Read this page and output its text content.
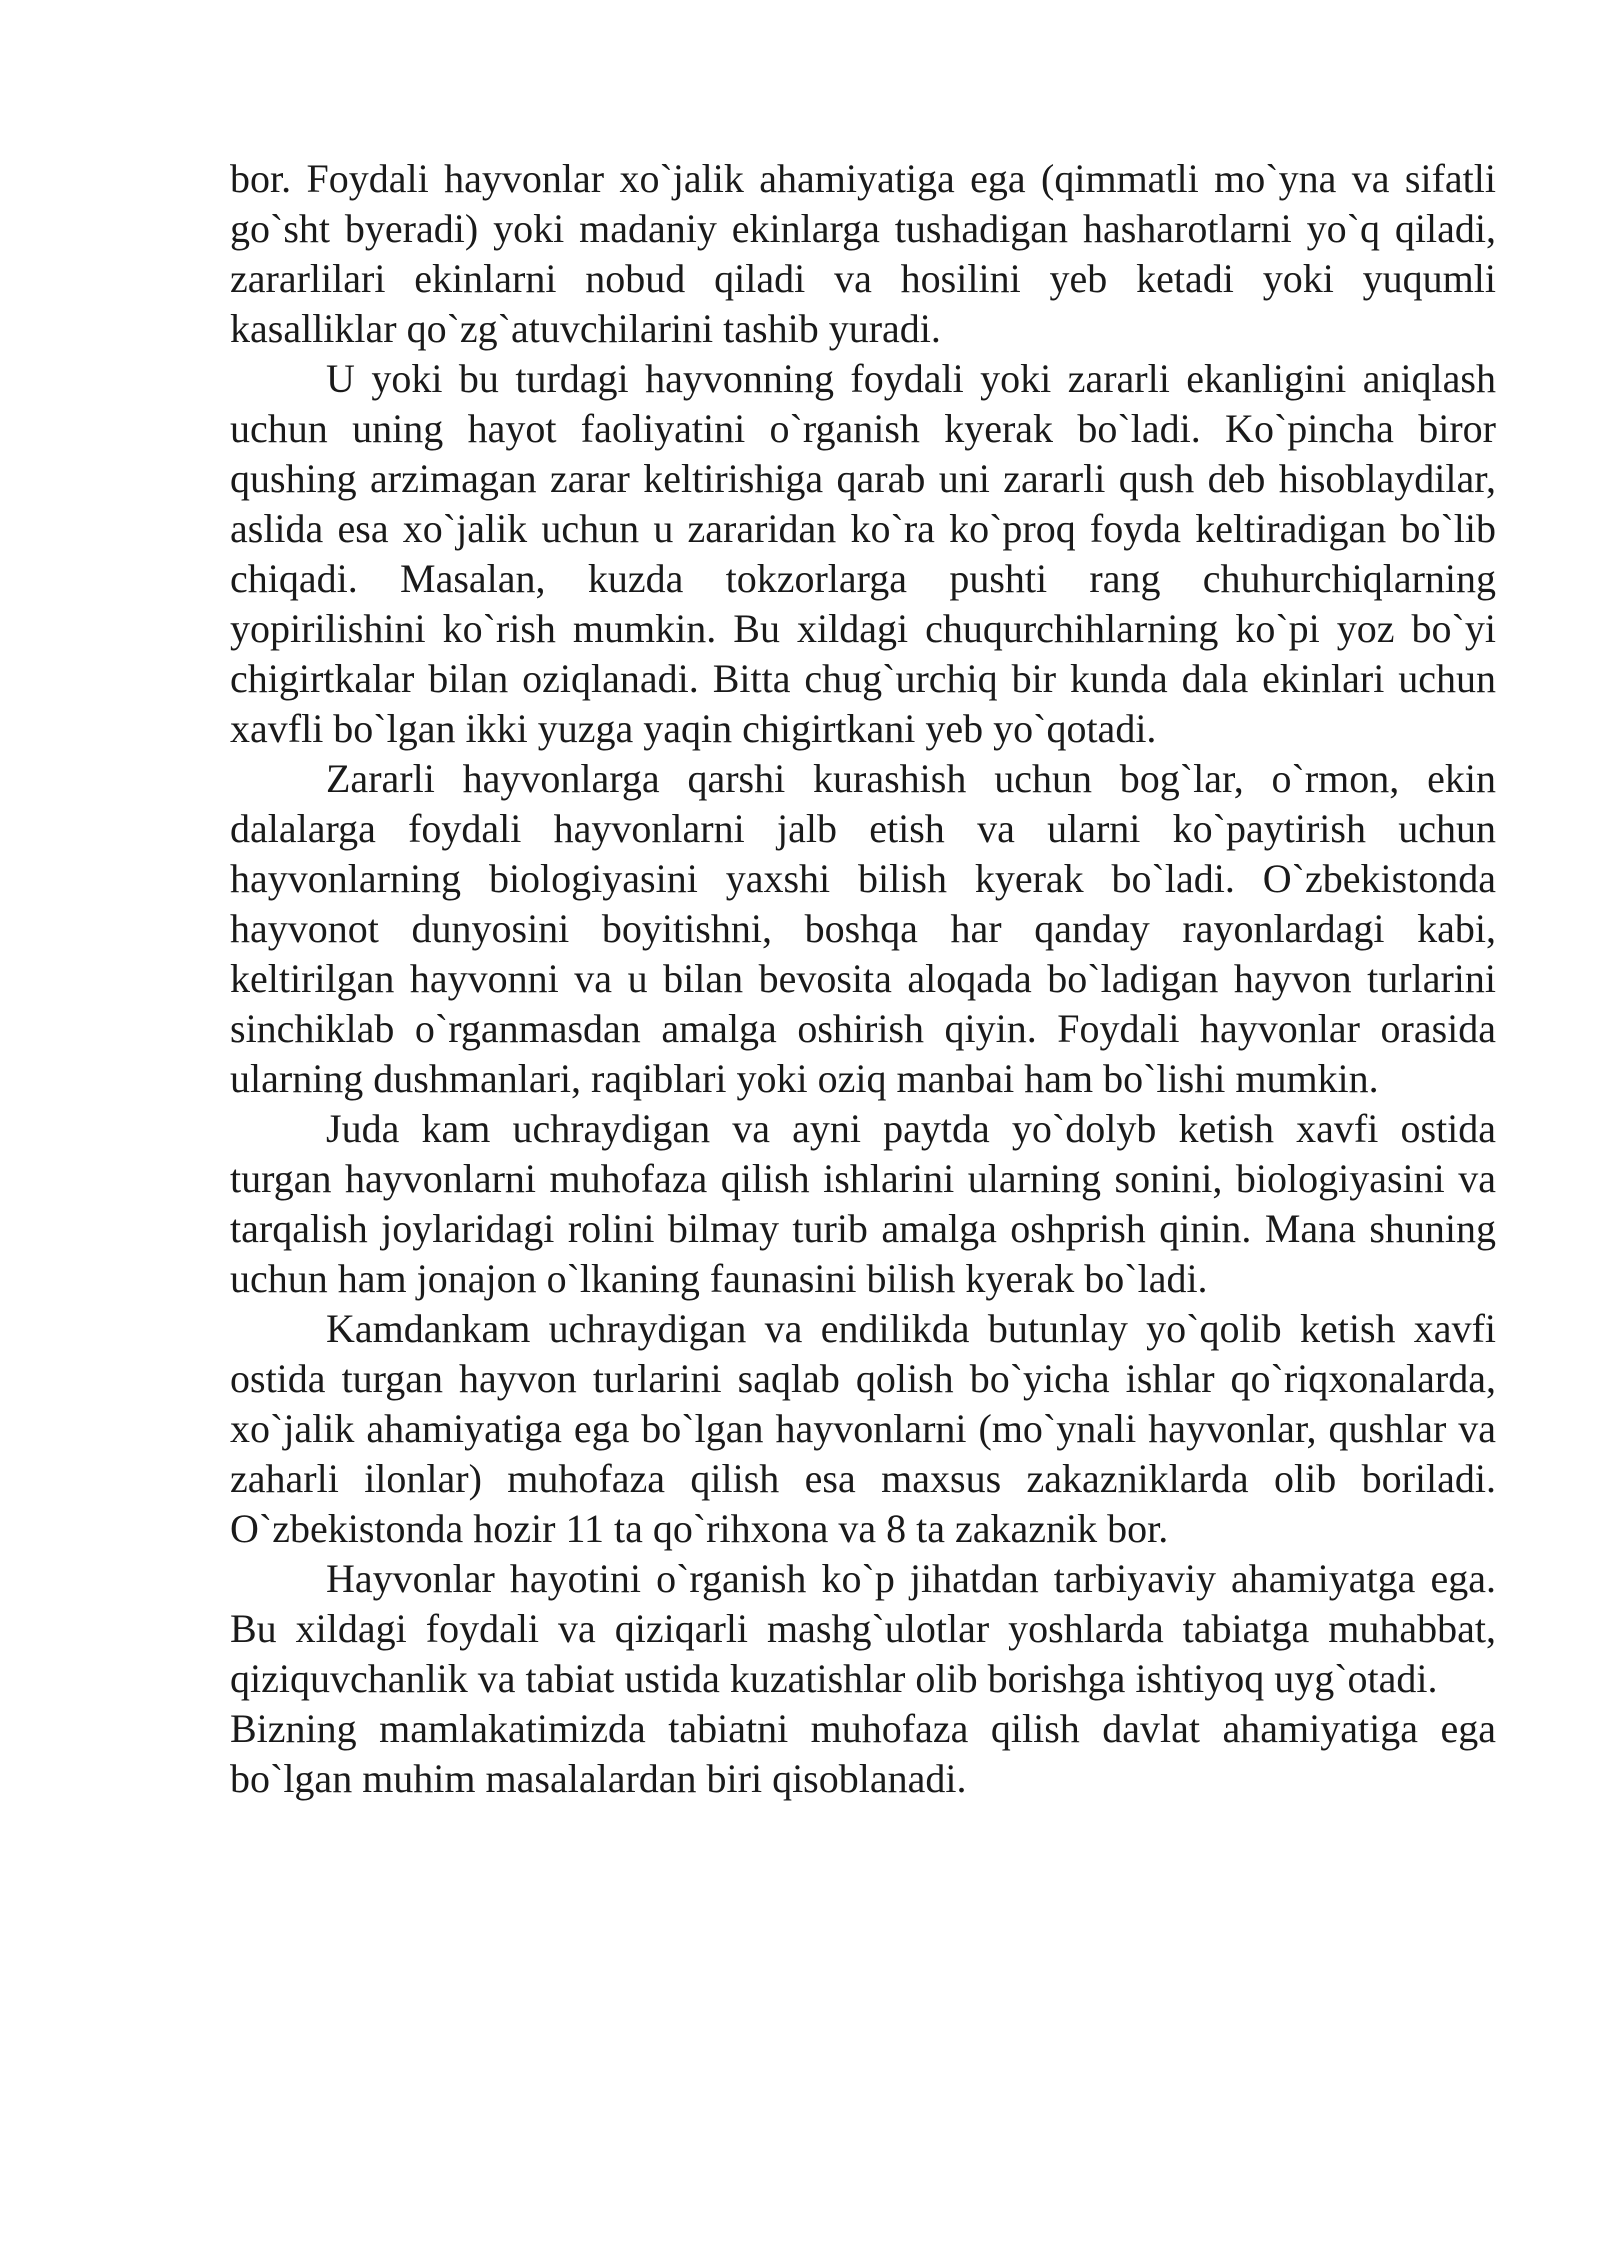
bor. Foydali hayvonlar xo`jalik ahamiyatiga ega (qimmatli mo`yna va sifatli go`sht byeradi) yoki madaniy ekinlarga tushadigan hasharotlarni yo`q qiladi, zararlilari ekinlarni nobud qiladi va hosilini yeb ketadi yoki yuqumli kasalliklar qo`zg`atuvchilarini tashib yuradi.

U yoki bu turdagi hayvonning foydali yoki zararli ekanligini aniqlash uchun uning hayot faoliyatini o`rganish kyerak bo`ladi. Ko`pincha biror qushing arzimagan zarar keltirishiga qarab uni zararli qush deb hisoblaydilar, aslida esa xo`jalik uchun u zararidan ko`ra ko`proq foyda keltiradigan bo`lib chiqadi. Masalan, kuzda tokzorlarga pushti rang chuhurchiqlarning yopirilishini ko`rish mumkin. Bu xildagi chuqurchihlarning ko`pi yoz bo`yi chigirtkalar bilan oziqlanadi. Bitta chug`urchiq bir kunda dala ekinlari uchun xavfli bo`lgan ikki yuzga yaqin chigirtkani yeb yo`qotadi.

Zararli hayvonlarga qarshi kurashish uchun bog`lar, o`rmon, ekin dalalarga foydali hayvonlarni jalb etish va ularni ko`paytirish uchun hayvonlarning biologiyasini yaxshi bilish kyerak bo`ladi. O`zbekistonda hayvonot dunyosini boyitishni, boshqa har qanday rayonlardagi kabi, keltirilgan hayvonni va u bilan bevosita aloqada bo`ladigan hayvon turlarini sinchiklab o`rganmasdan amalga oshirish qiyin. Foydali hayvonlar orasida ularning dushmanlari, raqiblari yoki oziq manbai ham bo`lishi mumkin.

Juda kam uchraydigan va ayni paytda yo`dolyb ketish xavfi ostida turgan hayvonlarni muhofaza qilish ishlarini ularning sonini, biologiyasini va tarqalish joylaridagi rolini bilmay turib amalga oshprish qinin. Mana shuning uchun ham jonajon o`lkaning faunasini bilish kyerak bo`ladi.

Kamdankam uchraydigan va endilikda butunlay yo`qolib ketish xavfi ostida turgan hayvon turlarini saqlab qolish bo`yicha ishlar qo`riqxonalarda, xo`jalik ahamiyatiga ega bo`lgan hayvonlarni (mo`ynali hayvonlar, qushlar va zaharli ilonlar) muhofaza qilish esa maxsus zakazniklarda olib boriladi. O`zbekistonda hozir 11 ta qo`rihxona va 8 ta zakaznik bor.

Hayvonlar hayotini o`rganish ko`p jihatdan tarbiyaviy ahamiyatga ega. Bu xildagi foydali va qiziqarli mashg`ulotlar yoshlarda tabiatga muhabbat, qiziquvchanlik va tabiat ustida kuzatishlar olib borishga ishtiyoq uyg`otadi.

Bizning mamlakatimizda tabiatni muhofaza qilish davlat ahamiyatiga ega bo`lgan muhim masalalardan biri qisoblanadi.
